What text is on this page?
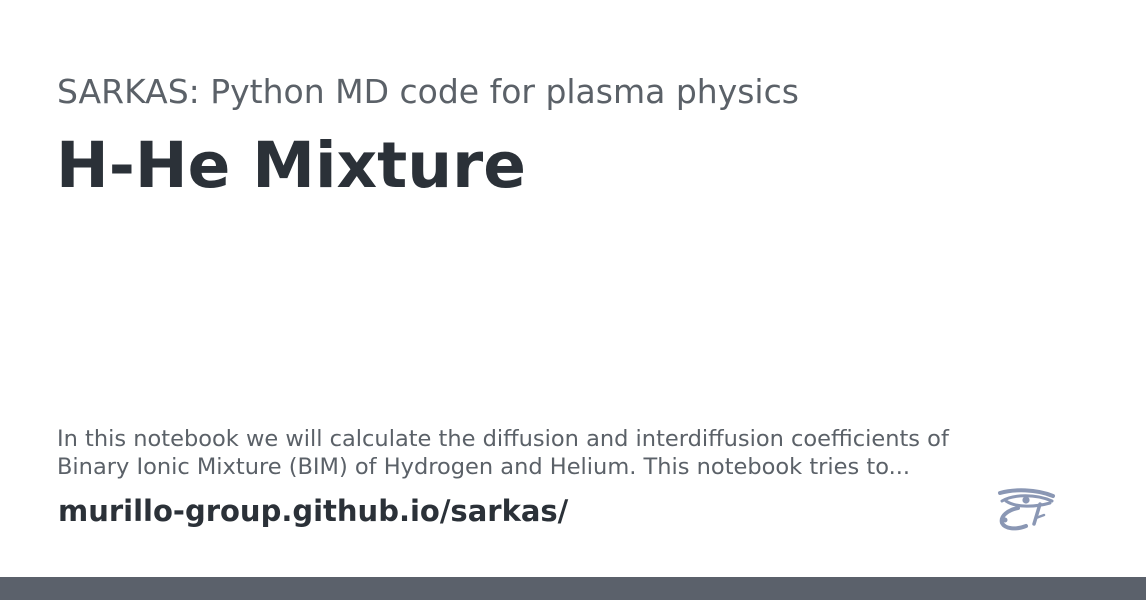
SARKAS: Python MD code for plasma physics
H-He Mixture
In this notebook we will calculate the diffusion and interdiffusion coefficients of Binary Ionic Mixture (BIM) of Hydrogen and Helium. This notebook tries to...
murillo-group.github.io/sarkas/
